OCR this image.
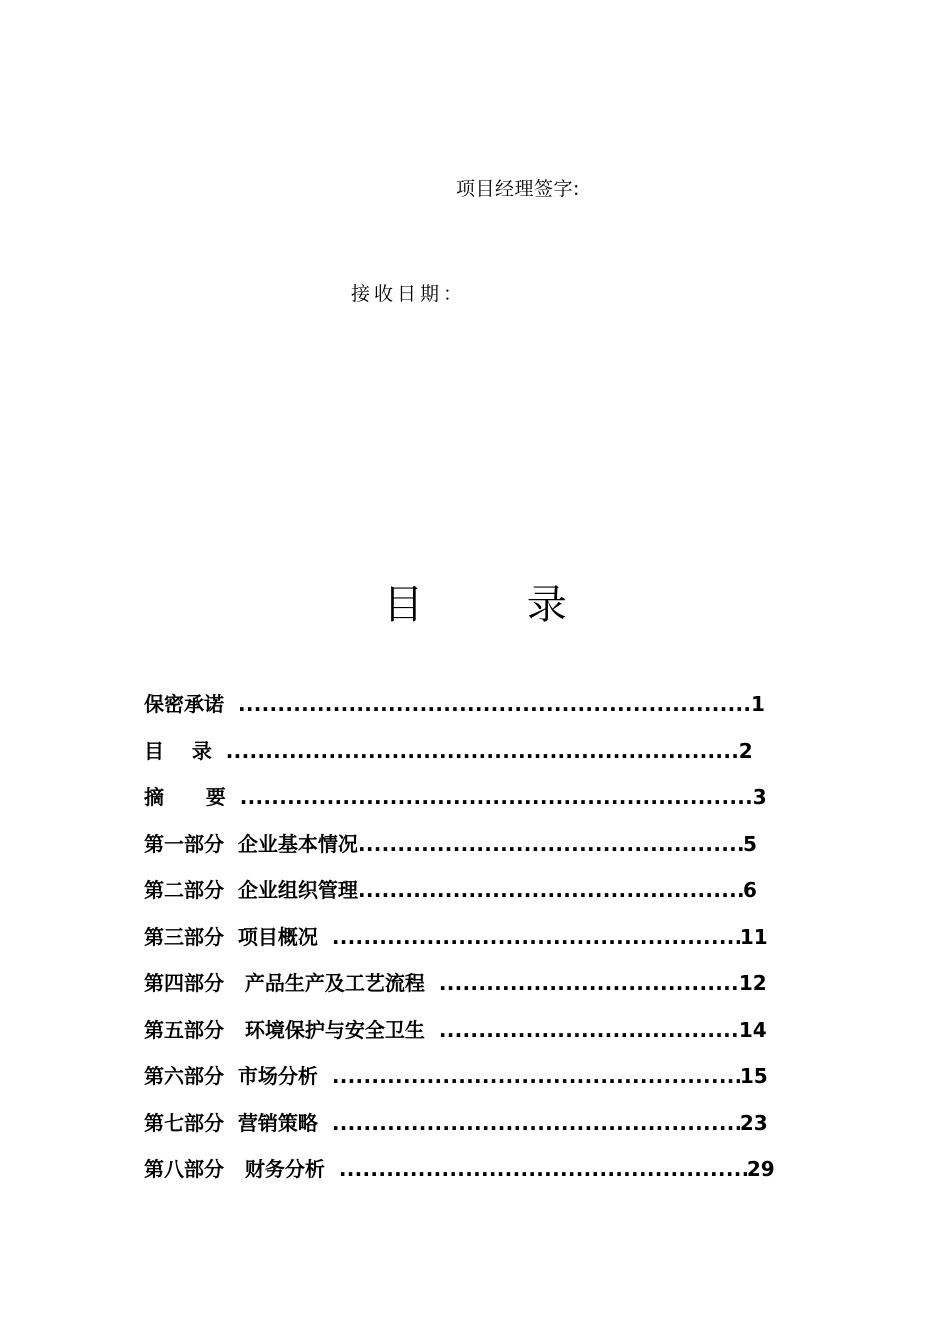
项目经理签字:
接收日期：
目  录
保密承诺 .....	1
目    录 .....	2
摘      要 .....	3
第一部分  企业基本情况 .....	5
第二部分  企业组织管理 .....	6
第三部分  项目概况 .....	11
第四部分   产品生产及工艺流程 .....	12
第五部分   环境保护与安全卫生 .....	14
第六部分  市场分析 .....	15
第七部分  营销策略 .....	23
第八部分   财务分析 .....	29
